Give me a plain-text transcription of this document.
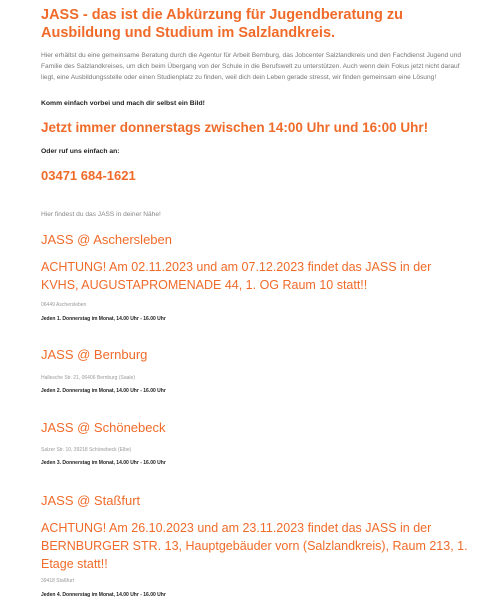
JASS - das ist die Abkürzung für Jugendberatung zu Ausbildung und Studium im Salzlandkreis.
Hier erhältst du eine gemeinsame Beratung durch die Agentur für Arbeit Bernburg, das Jobcenter Salzlandkreis und den Fachdienst Jugend und Familie des Salzlandkreises, um dich beim Übergang von der Schule in die Berufswelt zu unterstützen. Auch wenn dein Fokus jetzt nicht darauf liegt, eine Ausbildungsstelle oder einen Studienplatz zu finden, weil dich dein Leben gerade stresst, wir finden gemeinsam eine Lösung!
Komm einfach vorbei und mach dir selbst ein Bild!
Jetzt immer donnerstags zwischen 14:00 Uhr und 16:00 Uhr!
Oder ruf uns einfach an:
03471 684-1621
Hier findest du das JASS in deiner Nähe!
JASS @ Aschersleben
ACHTUNG! Am 02.11.2023 und am 07.12.2023 findet das JASS in der KVHS, AUGUSTAPROMENADE 44, 1. OG Raum 10 statt!!
06449 Aschersleben
Jeden 1. Donnerstag im Monat, 14.00 Uhr - 16.00 Uhr
JASS @ Bernburg
Hallesche Str. 21, 06406 Bernburg (Saale)
Jeden 2. Donnerstag im Monat, 14.00 Uhr - 16.00 Uhr
JASS @ Schönebeck
Salzer Str. 10, 39218 Schönebeck (Elbe)
Jeden 3. Donnerstag im Monat, 14.00 Uhr - 16.00 Uhr
JASS @ Staßfurt
ACHTUNG! Am 26.10.2023 und am 23.11.2023 findet das JASS in der BERNBURGER STR. 13, Hauptgebäuder vorn (Salzlandkreis), Raum 213, 1. Etage statt!!
39418 Staßfurt
Jeden 4. Donnerstag im Monat, 14.00 Uhr - 16.00 Uhr
